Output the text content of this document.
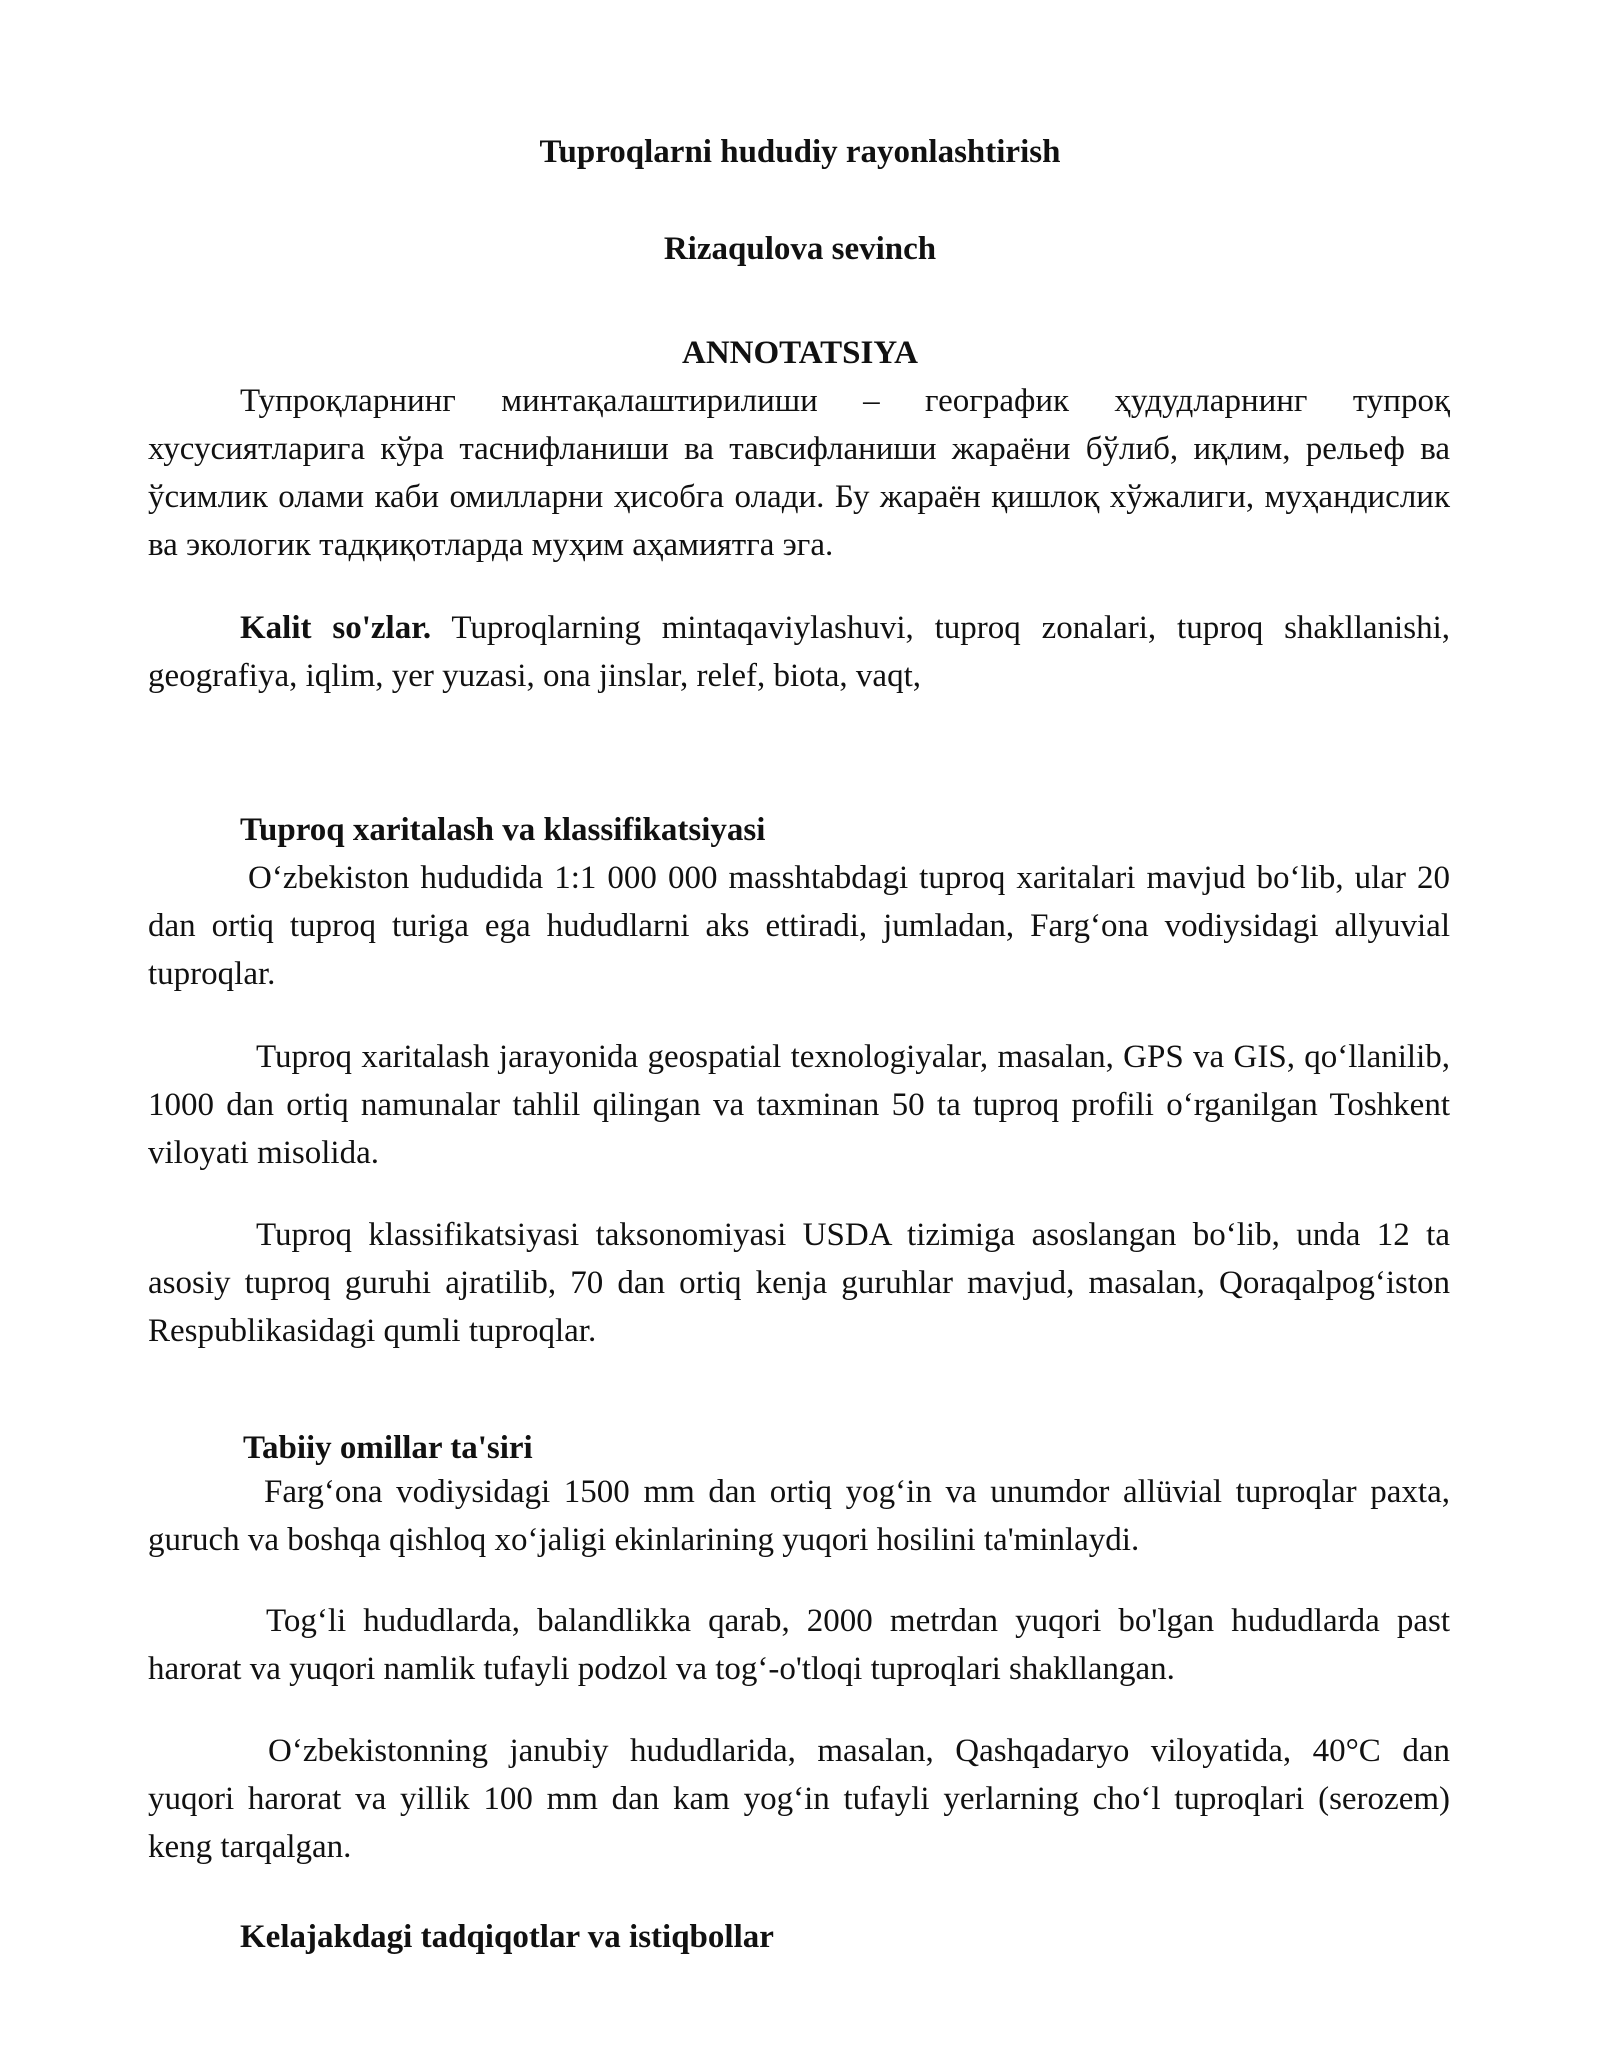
Tuproqlarni hududiy rayonlashtirish
Rizaqulova sevinch
ANNOTATSIYA

Тупроқларнинг минтақалаштирилиши – географик ҳудудларнинг тупроқ хусусиятларига кўра таснифланиши ва тавсифланиши жараёни бўлиб, иқлим, рельеф ва ўсимлик олами каби омилларни ҳисобга олади. Бу жараён қишлоқ хўжалиги, муҳандислик ва экологик тадқиқотларда муҳим аҳамиятга эга.

Kalit so'zlar. Tuproqlarning mintaqaviylashuvi, tuproq zonalari, tuproq shakllanishi, geografiya, iqlim, yer yuzasi, ona jinslar, relef, biota, vaqt,

Tuproq xaritalash va klassifikatsiyasi

Oʻzbekiston hududida 1:1 000 000 masshtabdagi tuproq xaritalari mavjud boʻlib, ular 20 dan ortiq tuproq turiga ega hududlarni aks ettiradi, jumladan, Fargʻona vodiysidagi allyuvial tuproqlar.

Tuproq xaritalash jarayonida geospatial texnologiyalar, masalan, GPS va GIS, qoʻllanilib, 1000 dan ortiq namunalar tahlil qilingan va taxminan 50 ta tuproq profili oʻrganilgan Toshkent viloyati misolida.

Tuproq klassifikatsiyasi taksonomiyasi USDA tizimiga asoslangan boʻlib, unda 12 ta asosiy tuproq guruhi ajratilib, 70 dan ortiq kenja guruhlar mavjud, masalan, Qoraqalpogʻiston Respublikasidagi qumli tuproqlar.

Tabiiy omillar ta'siri

Fargʻona vodiysidagi 1500 mm dan ortiq yogʻin va unumdor allüvial tuproqlar paxta, guruch va boshqa qishloq xoʻjaligi ekinlarining yuqori hosilini ta'minlaydi.

Togʻli hududlarda, balandlikka qarab, 2000 metrdan yuqori bo'lgan hududlarda past harorat va yuqori namlik tufayli podzol va togʻ-o'tloqi tuproqlari shakllangan.

Oʻzbekistonning janubiy hududlarida, masalan, Qashqadaryo viloyatida, 40°C dan yuqori harorat va yillik 100 mm dan kam yogʻin tufayli yerlarning choʻl tuproqlari (serozem) keng tarqalgan.

Kelajakdagi tadqiqotlar va istiqbollar
